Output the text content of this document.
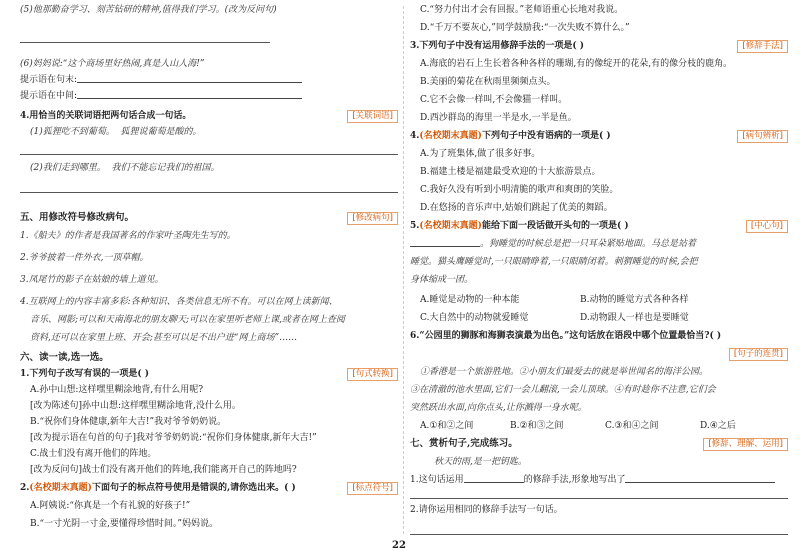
(5)他那勤奋学习、刻苦钻研的精神,值得我们学习。(改为反问句)
(6)妈妈说:“这个商场里好热闹,真是人山人海!”
提示语在句末:
提示语在中间:
4.用恰当的关联词语把两句话合成一句话。	[关联词语]
(1)狐狸吃不到葡萄。 狐狸说葡萄是酸的。
(2)我们走到哪里。 我们不能忘记我们的祖国。
五、用修改符号修改病句。	[修改病句]
1.《船夫》的作者是我国著名的作家叶圣陶先生写的。
2.爷爷披着一件外衣,一顶草帽。
3.凤尾竹的影子在姑娘的墙上道见。
4.互联网上的内容丰富多彩:各种知识、各类信息无所不有。可以在网上读新闻、
音乐、网影;可以和天南海北的朋友聊天;可以在家里听老师上课,或者在网上查阅
资料,还可以在家里上班、开会;甚至可以足不出户进“网上商场”……
六、读一读,选一选。
1.下列句子改写有误的一项是( )	[句式转换]
A.孙中山想:这样嘿里糊涂地背,有什么用呢?
[改为陈述句]孙中山想:这样嘿里糊涂地背,没什么用。
B.“祝你们身体健康,新年大吉!”我对爷爷奶奶说。
[改为提示语在句首的句子]我对爷爷奶奶说:“祝你们身体健康,新年大吉!”
C.战士们没有离开他们的阵地。
[改为反问句]战士们没有离开他们的阵地,我们能离开自己的阵地吗?
2.(名校期末真题)下面句子的标点符号使用是错误的,请你选出来。( )	[标点符号]
A.阿姨说:“你真是一个有礼貌的好孩子!”
B.“一寸光阴一寸金,要懂得珍惜时间。”妈妈说。
C.“努力付出才会有回报。”老师语重心长地对我说。
D.“千万不要灰心,”同学鼓励我:“一次失败不算什么。”
3.下列句子中没有运用修辞手法的一项是( )	[修辞手法]
A.海底的岩石上生长着各种各样的珊瑚,有的像绽开的花朵,有的像分枝的鹿角。
B.美丽的菊花在秋雨里频频点头。
C.它不会像一样叫,不会像猫一样叫。
D.西沙群岛的海里一半是水,一半是鱼。
4.(名校期末真题)下列句子中没有语病的一项是( )	[病句辨析]
A.为了班集体,做了很多好事。
B.福建土楼是福建最受欢迎的十大旅游景点。
C.我好久没有听到小明清脆的歌声和爽朗的笑脸。
D.在悠扬的音乐声中,姑娘们跳起了优美的舞蹈。
5.(名校期末真题)能给下面一段话做开头句的一项是( )	[中心句]
。狗睡觉的时候总是把一只耳朵紧贴地面。马总是站着
睡觉。猫头鹰睡觉时,一只眼睛睁着,一只眼睛闭着。刺猬睡觉的时候,会把
身体缩成一团。
A.睡觉是动物的一种本能	B.动物的睡觉方式各种各样
C.大自然中的动物就爱睡觉	D.动物跟人一样也是要睡觉
6.“公园里的狮豚和海狮表演最为出色。”这句话放在语段中哪个位置最恰当?( )
[句子的连贯]
①香港是一个旅游胜地。②小朋友们最爱去的就是举世闻名的海洋公园。
③在清澈的池水里面,它们一会儿翻滚,一会儿顶球。④有时趁你不注意,它们会
突然跃出水面,向你点头,让你溅得一身水呢。
A.①和②之间	B.②和③之间	C.③和④之间	D.④之后
七、赏析句子,完成练习。	[修辞、理解、运用]
秋天的雨,是一把钥匙。
1.这句话运用	的修辞手法,形象地写出了
2.请你运用相同的修辞手法写一句话。
22
